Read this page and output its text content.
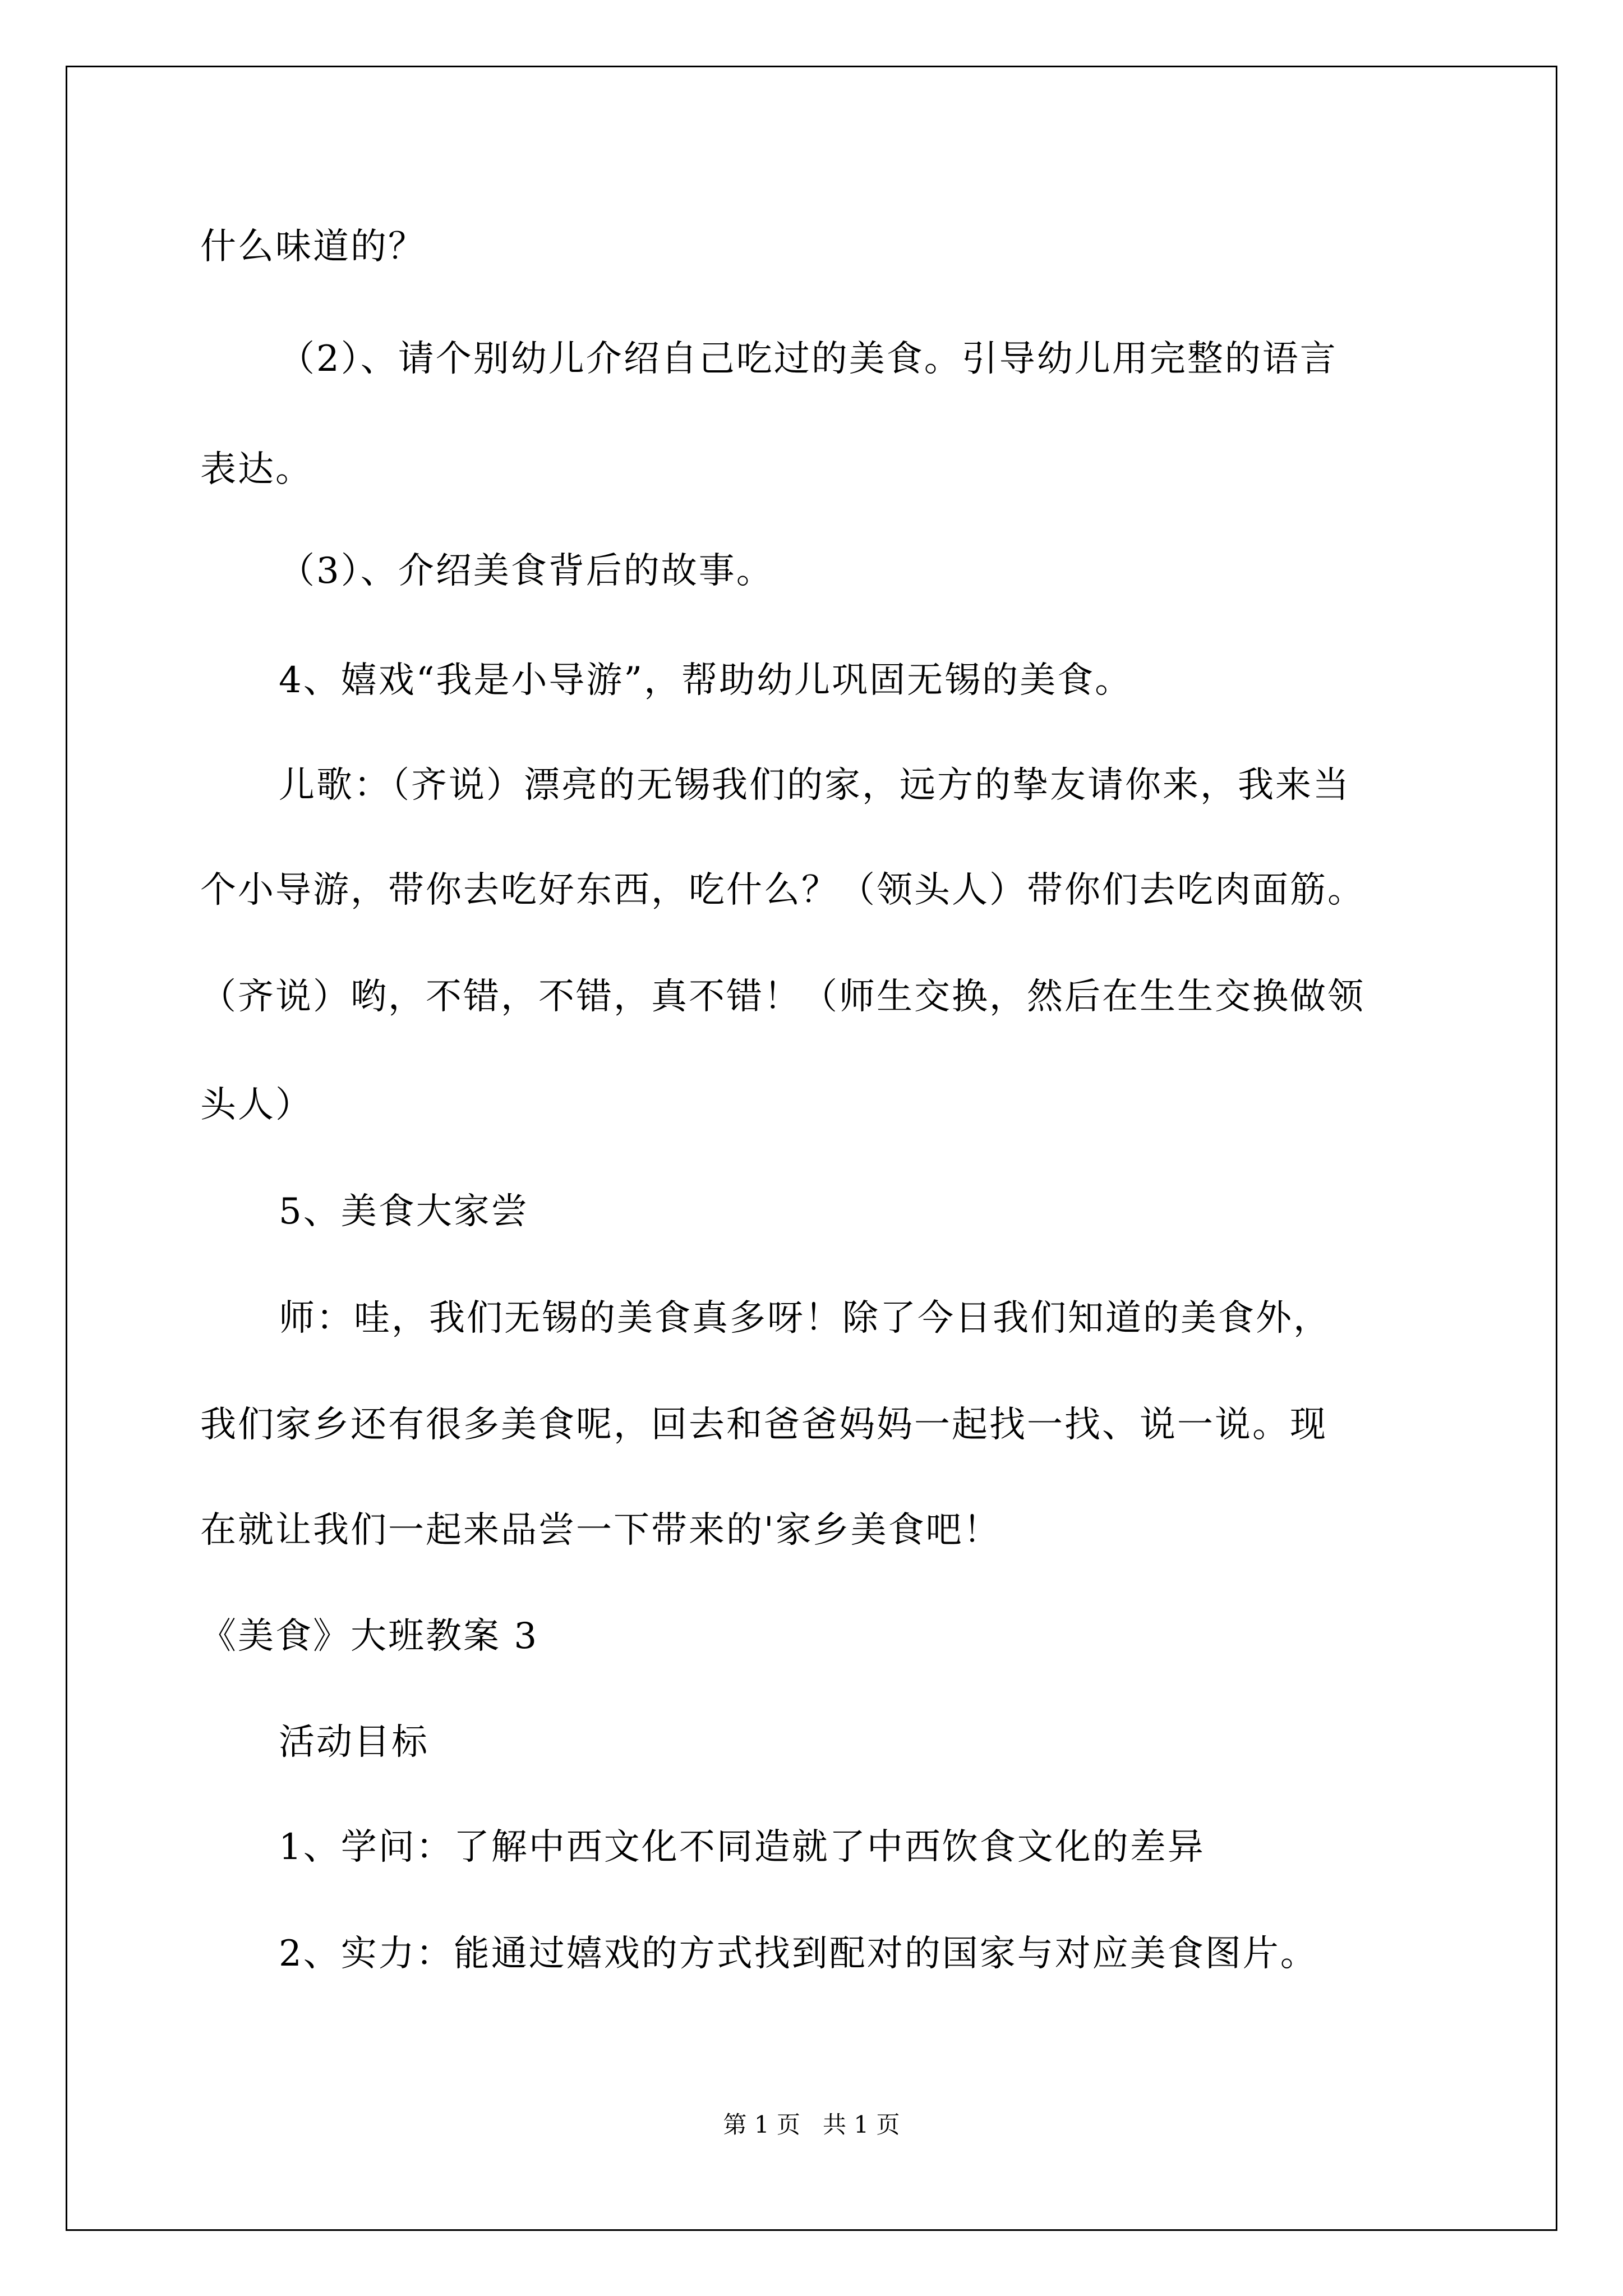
什么味道的？
（2）、请个别幼儿介绍自己吃过的美食。引导幼儿用完整的语言
表达。
（3）、介绍美食背后的故事。
4、嬉戏“我是小导游”，帮助幼儿巩固无锡的美食。
儿歌：（齐说）漂亮的无锡我们的家，远方的挚友请你来，我来当
个小导游，带你去吃好东西，吃什么？（领头人）带你们去吃肉面筋。
（齐说）哟，不错，不错，真不错！（师生交换，然后在生生交换做领
头人）
5、美食大家尝
师：哇，我们无锡的美食真多呀！除了今日我们知道的美食外，
我们家乡还有很多美食呢，回去和爸爸妈妈一起找一找、说一说。现
在就让我们一起来品尝一下带来的'家乡美食吧！
《美食》大班教案 3
活动目标
1、学问：了解中西文化不同造就了中西饮食文化的差异
2、实力：能通过嬉戏的方式找到配对的国家与对应美食图片。
第 1 页   共 1 页
